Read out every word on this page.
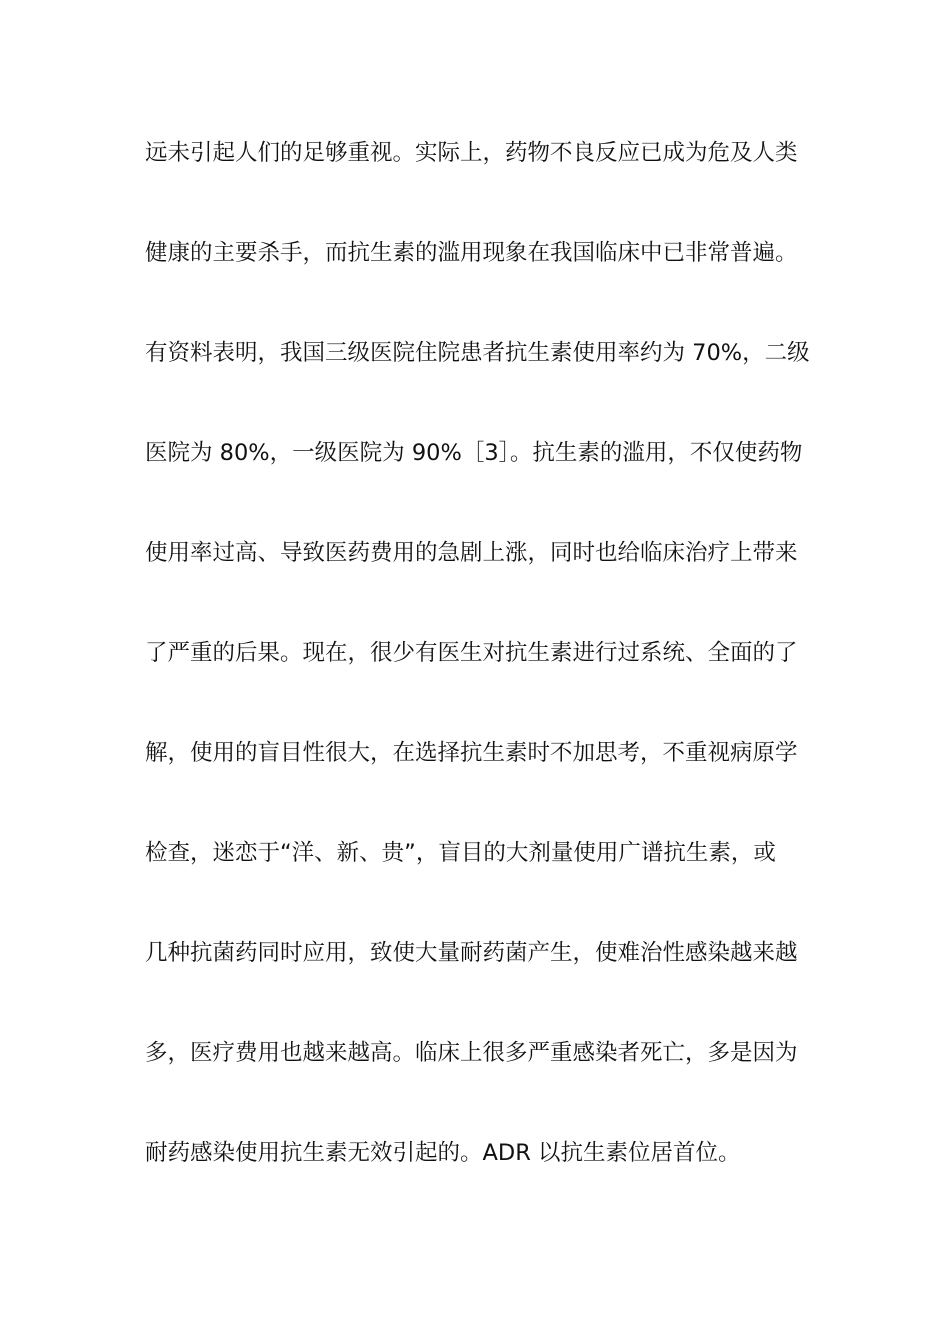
远未引起人们的足够重视。实际上，药物不良反应已成为危及人类
健康的主要杀手，而抗生素的滥用现象在我国临床中已非常普遍。
有资料表明，我国三级医院住院患者抗生素使用率约为 70%，二级
医院为 80%，一级医院为 90%［3］。抗生素的滥用，不仅使药物
使用率过高、导致医药费用的急剧上涨，同时也给临床治疗上带来
了严重的后果。现在，很少有医生对抗生素进行过系统、全面的了
解，使用的盲目性很大，在选择抗生素时不加思考，不重视病原学
检查，迷恋于“洋、新、贵”，盲目的大剂量使用广谱抗生素，或
几种抗菌药同时应用，致使大量耐药菌产生，使难治性感染越来越
多，医疗费用也越来越高。临床上很多严重感染者死亡，多是因为
耐药感染使用抗生素无效引起的。ADR 以抗生素位居首位。
